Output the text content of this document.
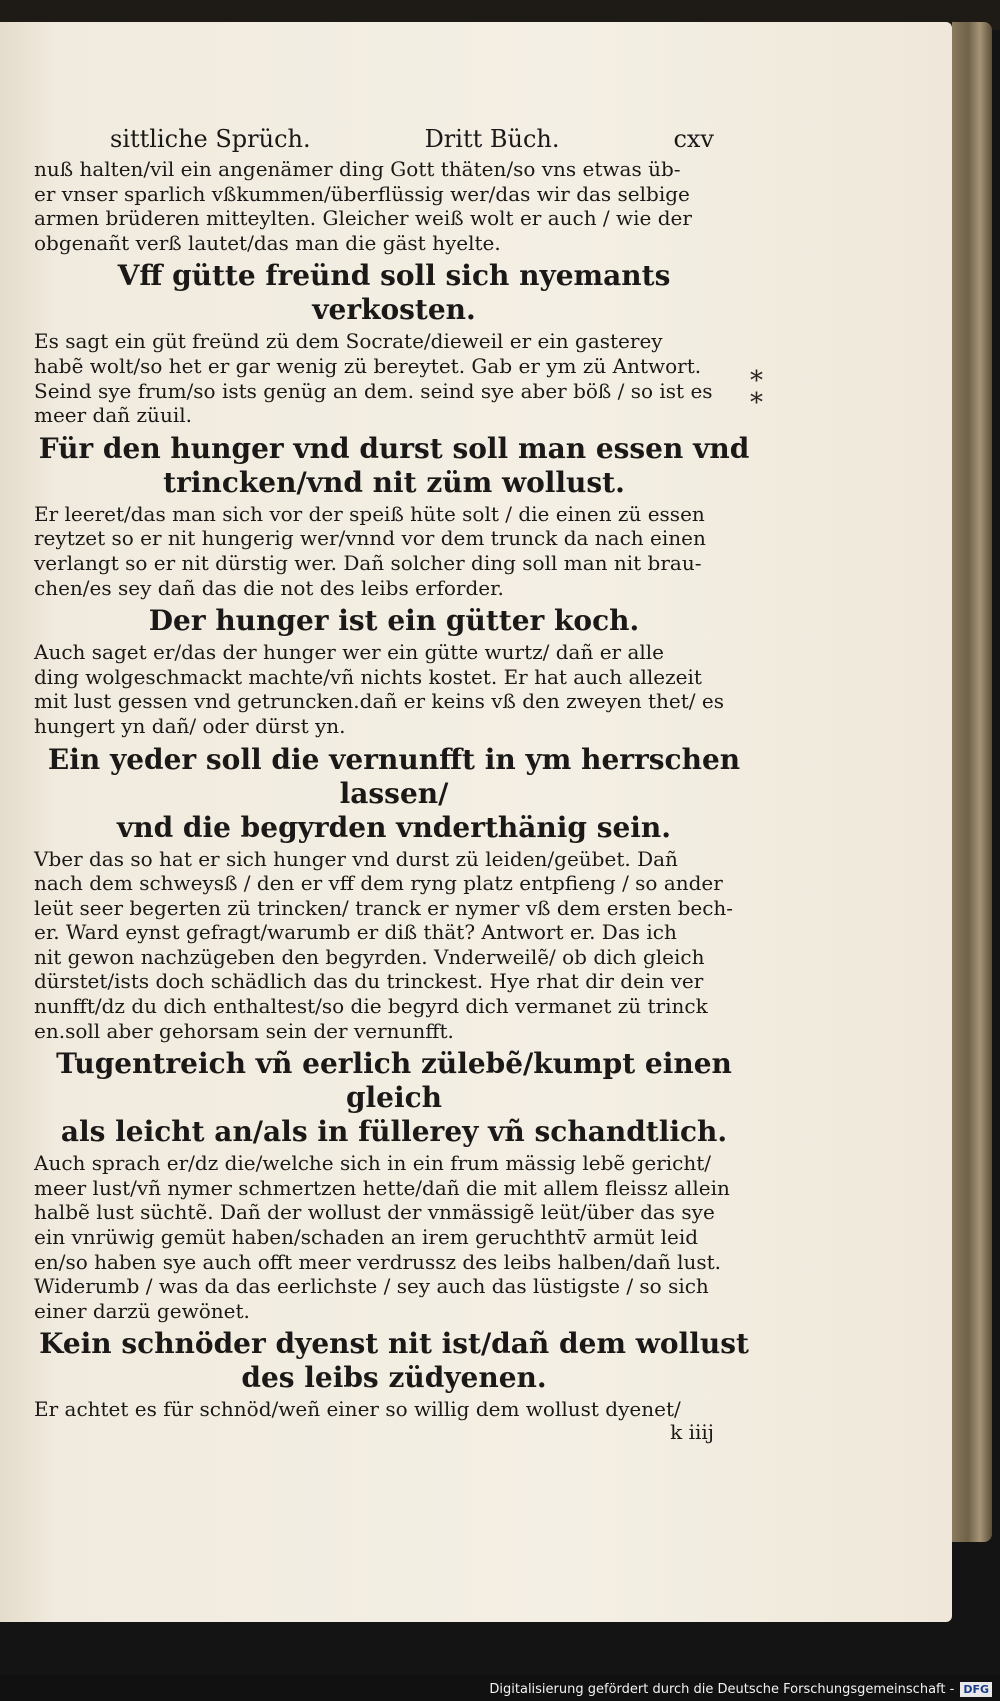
sittliche Sprüch.	Dritt Büch.	cxv
nuß halten/vil ein angenämer ding Gott thäten/so vns etwas üb-
er vnser sparlich vßkummen/überflüssig wer/das wir das selbige
armen brüderen mitteylten. Gleicher weiß wolt er auch / wie der
obgenañt verß lautet/das man die gäst hyelte.
Vff gütte freünd soll sich nyemants verkosten.
Es sagt ein güt freünd zü dem Socrate/dieweil er ein gasterey
habẽ wolt/so het er gar wenig zü bereytet. Gab er ym zü Antwort.
Seind sye frum/so ists genüg an dem. seind sye aber böß / so ist es
meer dañ züuil.
Für den hunger vnd durst soll man essen vnd
trincken/vnd nit züm wollust.
Er leeret/das man sich vor der speiß hüte solt / die einen zü essen
reytzet so er nit hungerig wer/vnnd vor dem trunck da nach einen
verlangt so er nit dürstig wer. Dañ solcher ding soll man nit brau-
chen/es sey dañ das die not des leibs erforder.
Der hunger ist ein gütter koch.
Auch saget er/das der hunger wer ein gütte wurtz/ dañ er alle
ding wolgeschmackt machte/vñ nichts kostet. Er hat auch allezeit
mit lust gessen vnd getruncken.dañ er keins vß den zweyen thet/ es
hungert yn dañ/ oder dürst yn.
Ein yeder soll die vernunfft in ym herrschen lassen/
vnd die begyrden vnderthänig sein.
Vber das so hat er sich hunger vnd durst zü leiden/geübet. Dañ
nach dem schweysß / den er vff dem ryng platz entpfieng / so ander
leüt seer begerten zü trincken/ tranck er nymer vß dem ersten bech-
er. Ward eynst gefragt/warumb er diß thät? Antwort er. Das ich
nit gewon nachzügeben den begyrden. Vnderweilẽ/ ob dich gleich
dürstet/ists doch schädlich das du trinckest. Hye rhat dir dein ver
nunfft/dz du dich enthaltest/so die begyrd dich vermanet zü trinck
en.soll aber gehorsam sein der vernunfft.
Tugentreich vñ eerlich zülebẽ/kumpt einen gleich
als leicht an/als in füllerey vñ schandtlich.
Auch sprach er/dz die/welche sich in ein frum mässig lebẽ gericht/
meer lust/vñ nymer schmertzen hette/dañ die mit allem fleissz allein
halbẽ lust süchtẽ. Dañ der wollust der vnmässigẽ leüt/über das sye
ein vnrüwig gemüt haben/schaden an irem geruchthtv̄ armüt leid
en/so haben sye auch offt meer verdrussz des leibs halben/dañ lust.
Widerumb / was da das eerlichste / sey auch das lüstigste / so sich
einer darzü gewönet.
Kein schnöder dyenst nit ist/dañ dem wollust
des leibs züdyenen.
Er achtet es für schnöd/weñ einer so willig dem wollust dyenet/
k iiij
*
*
Digitalisierung gefördert durch die Deutsche Forschungsgemeinschaft - DFG
